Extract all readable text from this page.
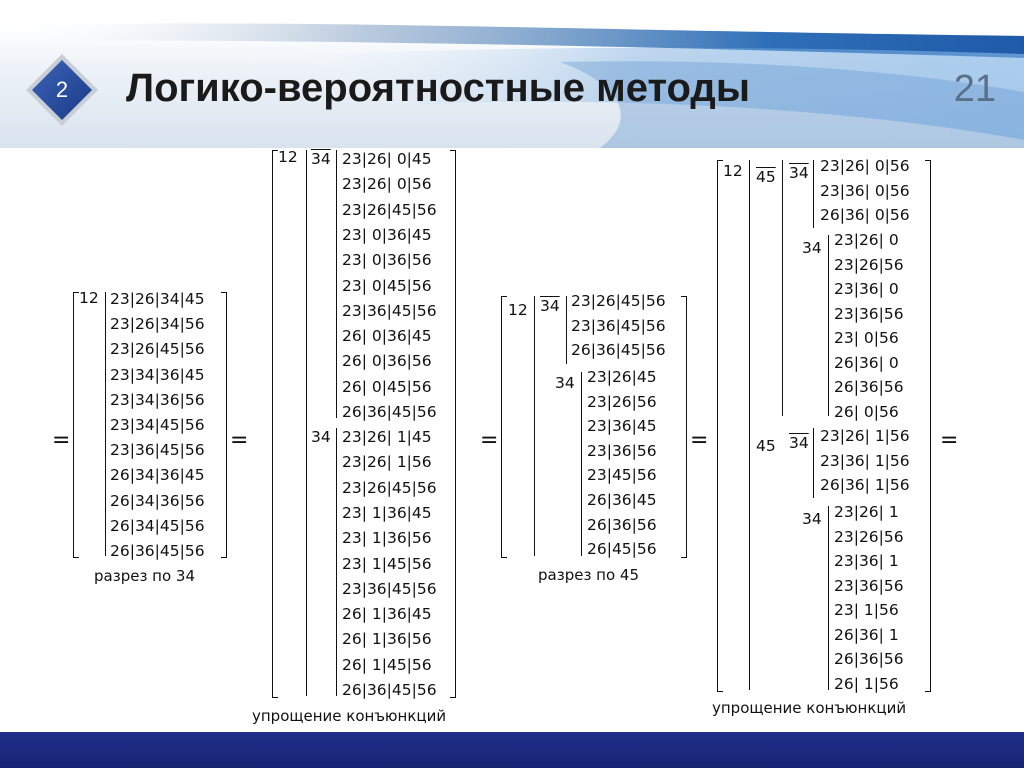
2	Логико-вероятностные методы	21
=	=	=	=	=
12 23|26|34|45
23|26|34|56
23|26|45|56
23|34|36|45
23|34|36|56
23|34|45|56
23|36|45|56
26|34|36|45
26|34|36|56
26|34|45|56
26|36|45|56
разрез по 34
12 34 23|26| 0|45
23|26| 0|56
23|26|45|56
23| 0|36|45
23| 0|36|56
23| 0|45|56
23|36|45|56
26| 0|36|45
26| 0|36|56
26| 0|45|56
26|36|45|56
34 23|26| 1|45
23|26| 1|56
23|26|45|56
23| 1|36|45
23| 1|36|56
23| 1|45|56
23|36|45|56
26| 1|36|45
26| 1|36|56
26| 1|45|56
26|36|45|56
упрощение конъюнкций
12 34 23|26|45|56
23|36|45|56
26|36|45|56
34 23|26|45
23|26|56
23|36|45
23|36|56
23|45|56
26|36|45
26|36|56
26|45|56
разрез по 45
12 45 34 23|26| 0|56
23|36| 0|56
26|36| 0|56
34 23|26| 0
23|26|56
23|36| 0
23|36|56
23| 0|56
26|36| 0
26|36|56
26| 0|56
45 34 23|26| 1|56
23|36| 1|56
26|36| 1|56
34 23|26| 1
23|26|56
23|36| 1
23|36|56
23| 1|56
26|36| 1
26|36|56
26| 1|56
упрощение конъюнкций
